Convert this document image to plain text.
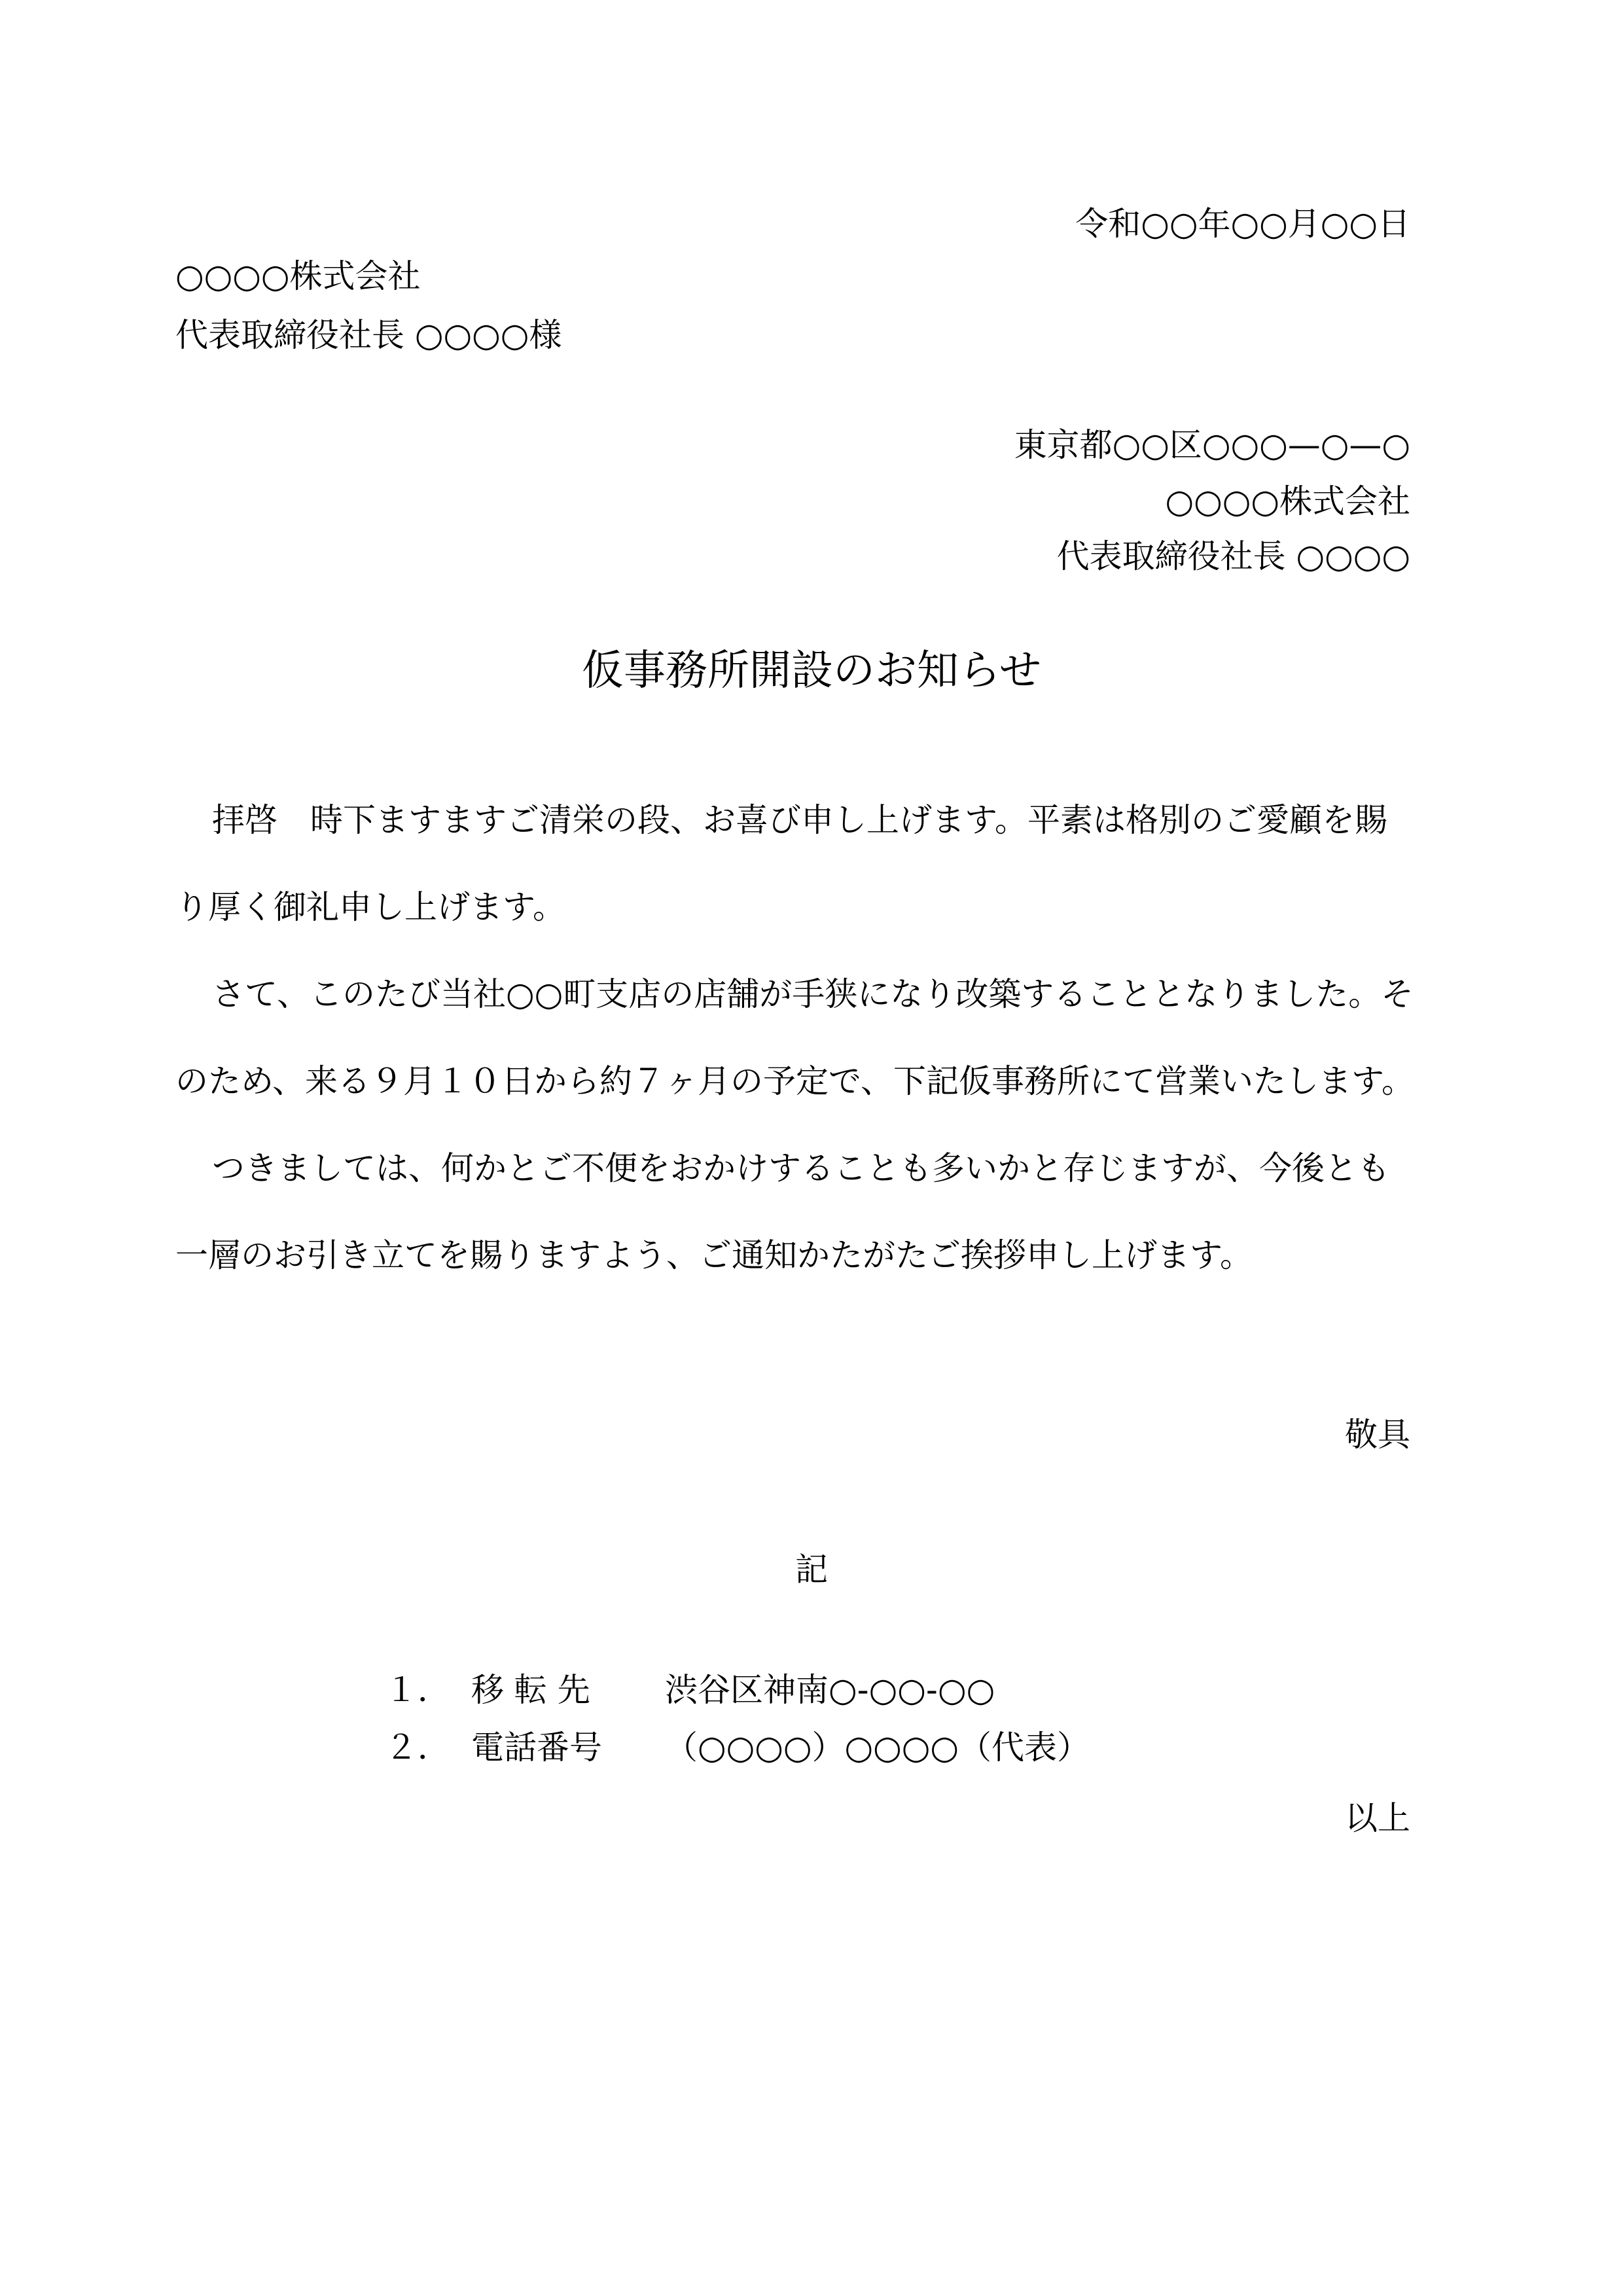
令和○○年○○月○○日
○○○○株式会社
代表取締役社長 ○○○○様
東京都○○区○○○—○—○
○○○○株式会社
代表取締役社長 ○○○○
仮事務所開設のお知らせ

拝啓　時下ますますご清栄の段、お喜び申し上げます。平素は格別のご愛顧を賜り厚く御礼申し上げます。

さて、このたび当社○○町支店の店舗が手狭になり改築することとなりました。そのため、来る９月１０日から約７ヶ月の予定で、下記仮事務所にて営業いたします。

つきましては、何かとご不便をおかけすることも多いかと存じますが、今後とも一層のお引き立てを賜りますよう、ご通知かたがたご挨拶申し上げます。

敬具
記
１． 移 転 先 渋谷区神南○‐○○‐○○
２． 電話番号 （○○○○）○○○○（代表）
以上
